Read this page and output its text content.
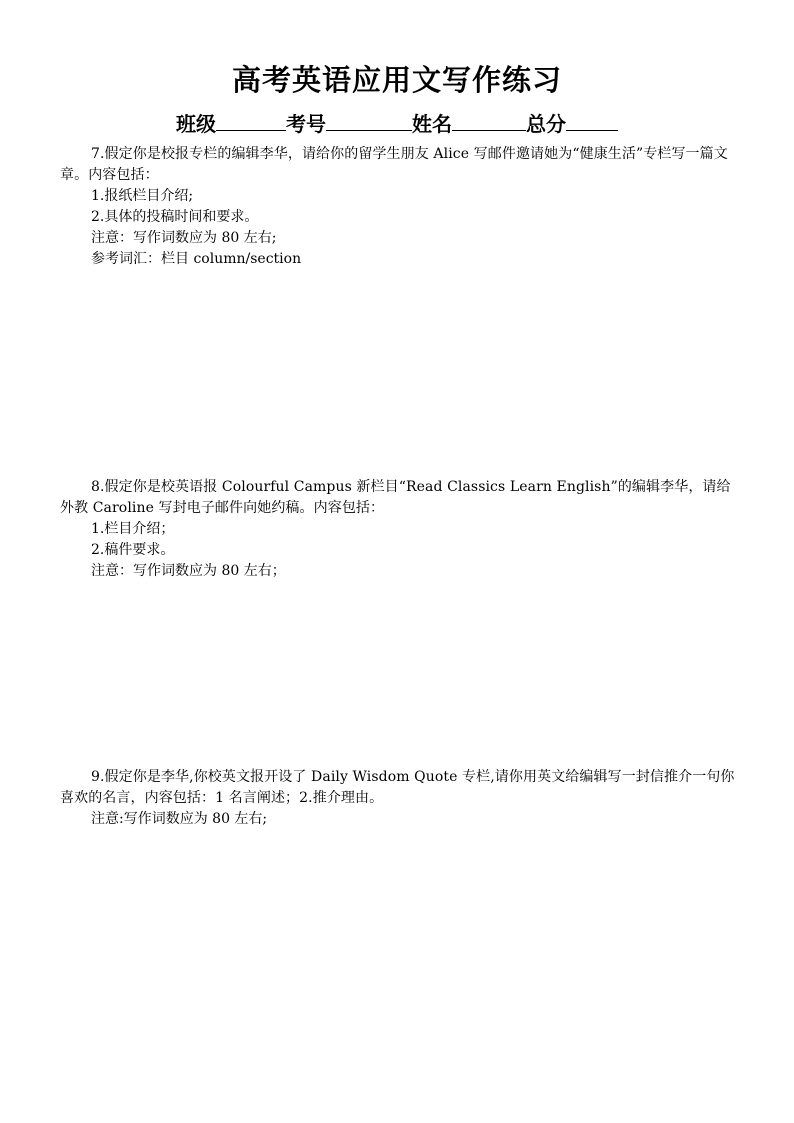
高考英语应用文写作练习
班级	考号	姓名	总分

7.假定你是校报专栏的编辑李华，请给你的留学生朋友 Alice 写邮件邀请她为“健康生活”专栏写一篇文章。内容包括：

1.报纸栏目介绍;

2.具体的投稿时间和要求。

注意：写作词数应为 80 左右;

参考词汇：栏目 column/section

8.假定你是校英语报 Colourful Campus 新栏目“Read Classics Learn English”的编辑李华，请给外教 Caroline 写封电子邮件向她约稿。内容包括：

1.栏目介绍；

2.稿件要求。

注意：写作词数应为 80 左右；

9.假定你是李华,你校英文报开设了 Daily Wisdom Quote 专栏,请你用英文给编辑写一封信推介一句你喜欢的名言，内容包括：1 名言阐述；2.推介理由。

注意:写作词数应为 80 左右;
